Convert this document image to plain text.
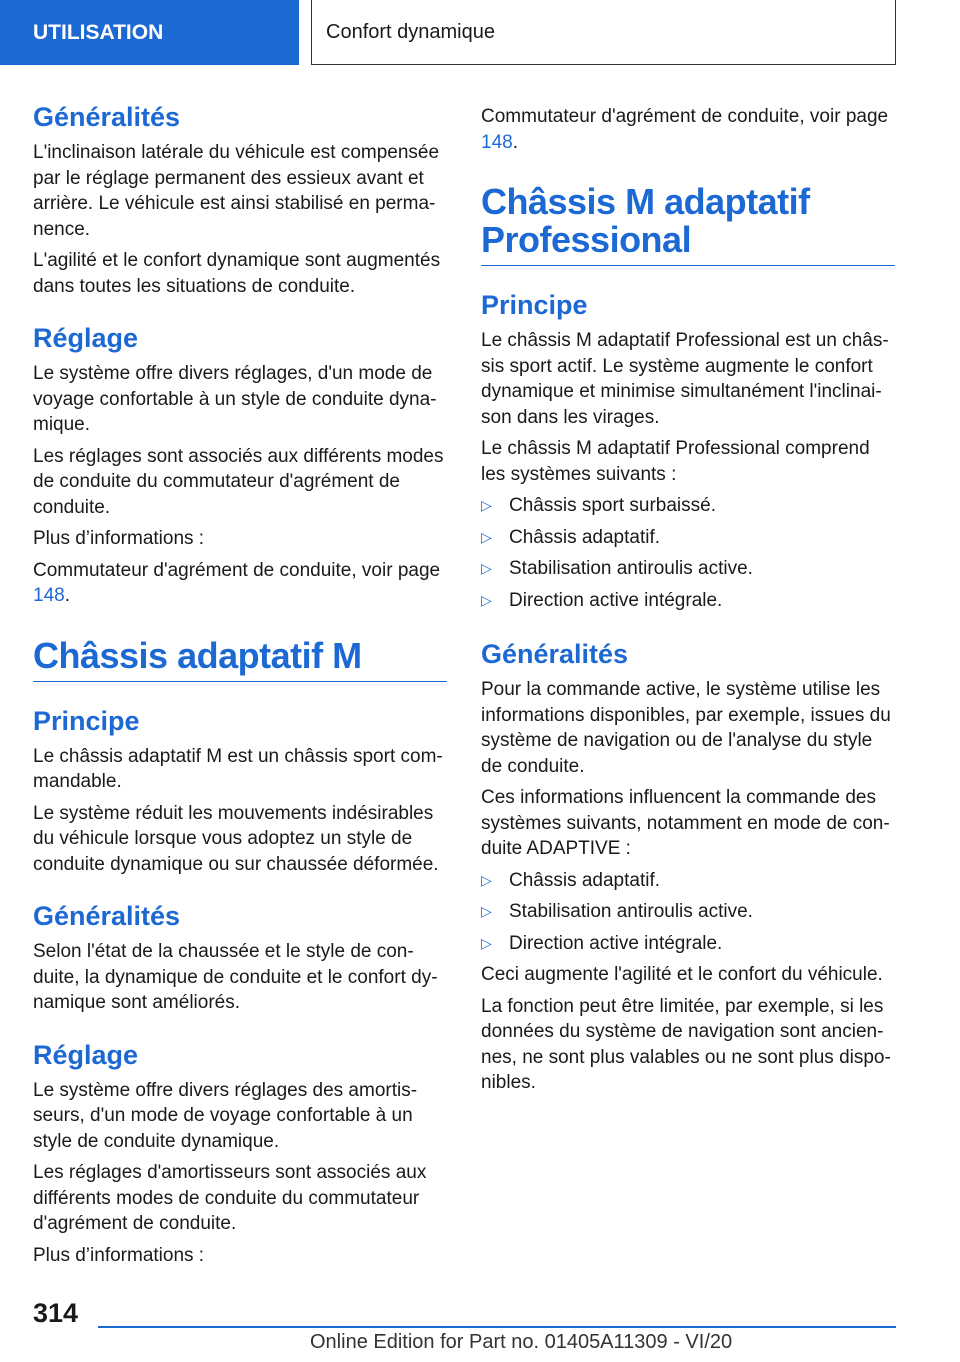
UTILISATION	Confort dynamique
Généralités

L'inclinaison latérale du véhicule est compensée par le réglage permanent des essieux avant et arrière. Le véhicule est ainsi stabilisé en perma‐ nence.

L'agilité et le confort dynamique sont augmentés dans toutes les situations de conduite.

Réglage

Le système offre divers réglages, d'un mode de voyage confortable à un style de conduite dyna‐ mique.

Les réglages sont associés aux différents modes de conduite du commutateur d'agrément de conduite.

Plus d’informations :

Commutateur d'agrément de conduite, voir page 148.

Châssis adaptatif M
Principe

Le châssis adaptatif M est un châssis sport com‐ mandable.

Le système réduit les mouvements indésirables du véhicule lorsque vous adoptez un style de conduite dynamique ou sur chaussée déformée.

Généralités

Selon l'état de la chaussée et le style de con‐ duite, la dynamique de conduite et le confort dy‐ namique sont améliorés.

Réglage

Le système offre divers réglages des amortis‐ seurs, d'un mode de voyage confortable à un style de conduite dynamique.

Les réglages d'amortisseurs sont associés aux différents modes de conduite du commutateur d'agrément de conduite.

Plus d’informations :

Commutateur d'agrément de conduite, voir page 148.

Châssis M adaptatif Professional
Principe

Le châssis M adaptatif Professional est un châs‐ sis sport actif. Le système augmente le confort dynamique et minimise simultanément l'inclinai‐ son dans les virages.

Le châssis M adaptatif Professional comprend les systèmes suivants :

▷ Châssis sport surbaissé.
▷ Châssis adaptatif.
▷ Stabilisation antiroulis active.
▷ Direction active intégrale.
Généralités

Pour la commande active, le système utilise les informations disponibles, par exemple, issues du système de navigation ou de l'analyse du style de conduite.

Ces informations influencent la commande des systèmes suivants, notamment en mode de con‐ duite ADAPTIVE :

▷ Châssis adaptatif.
▷ Stabilisation antiroulis active.
▷ Direction active intégrale.

Ceci augmente l'agilité et le confort du véhicule.

La fonction peut être limitée, par exemple, si les données du système de navigation sont ancien‐ nes, ne sont plus valables ou ne sont plus dispo‐ nibles.

314
Online Edition for Part no. 01405A11309 - VI/20
